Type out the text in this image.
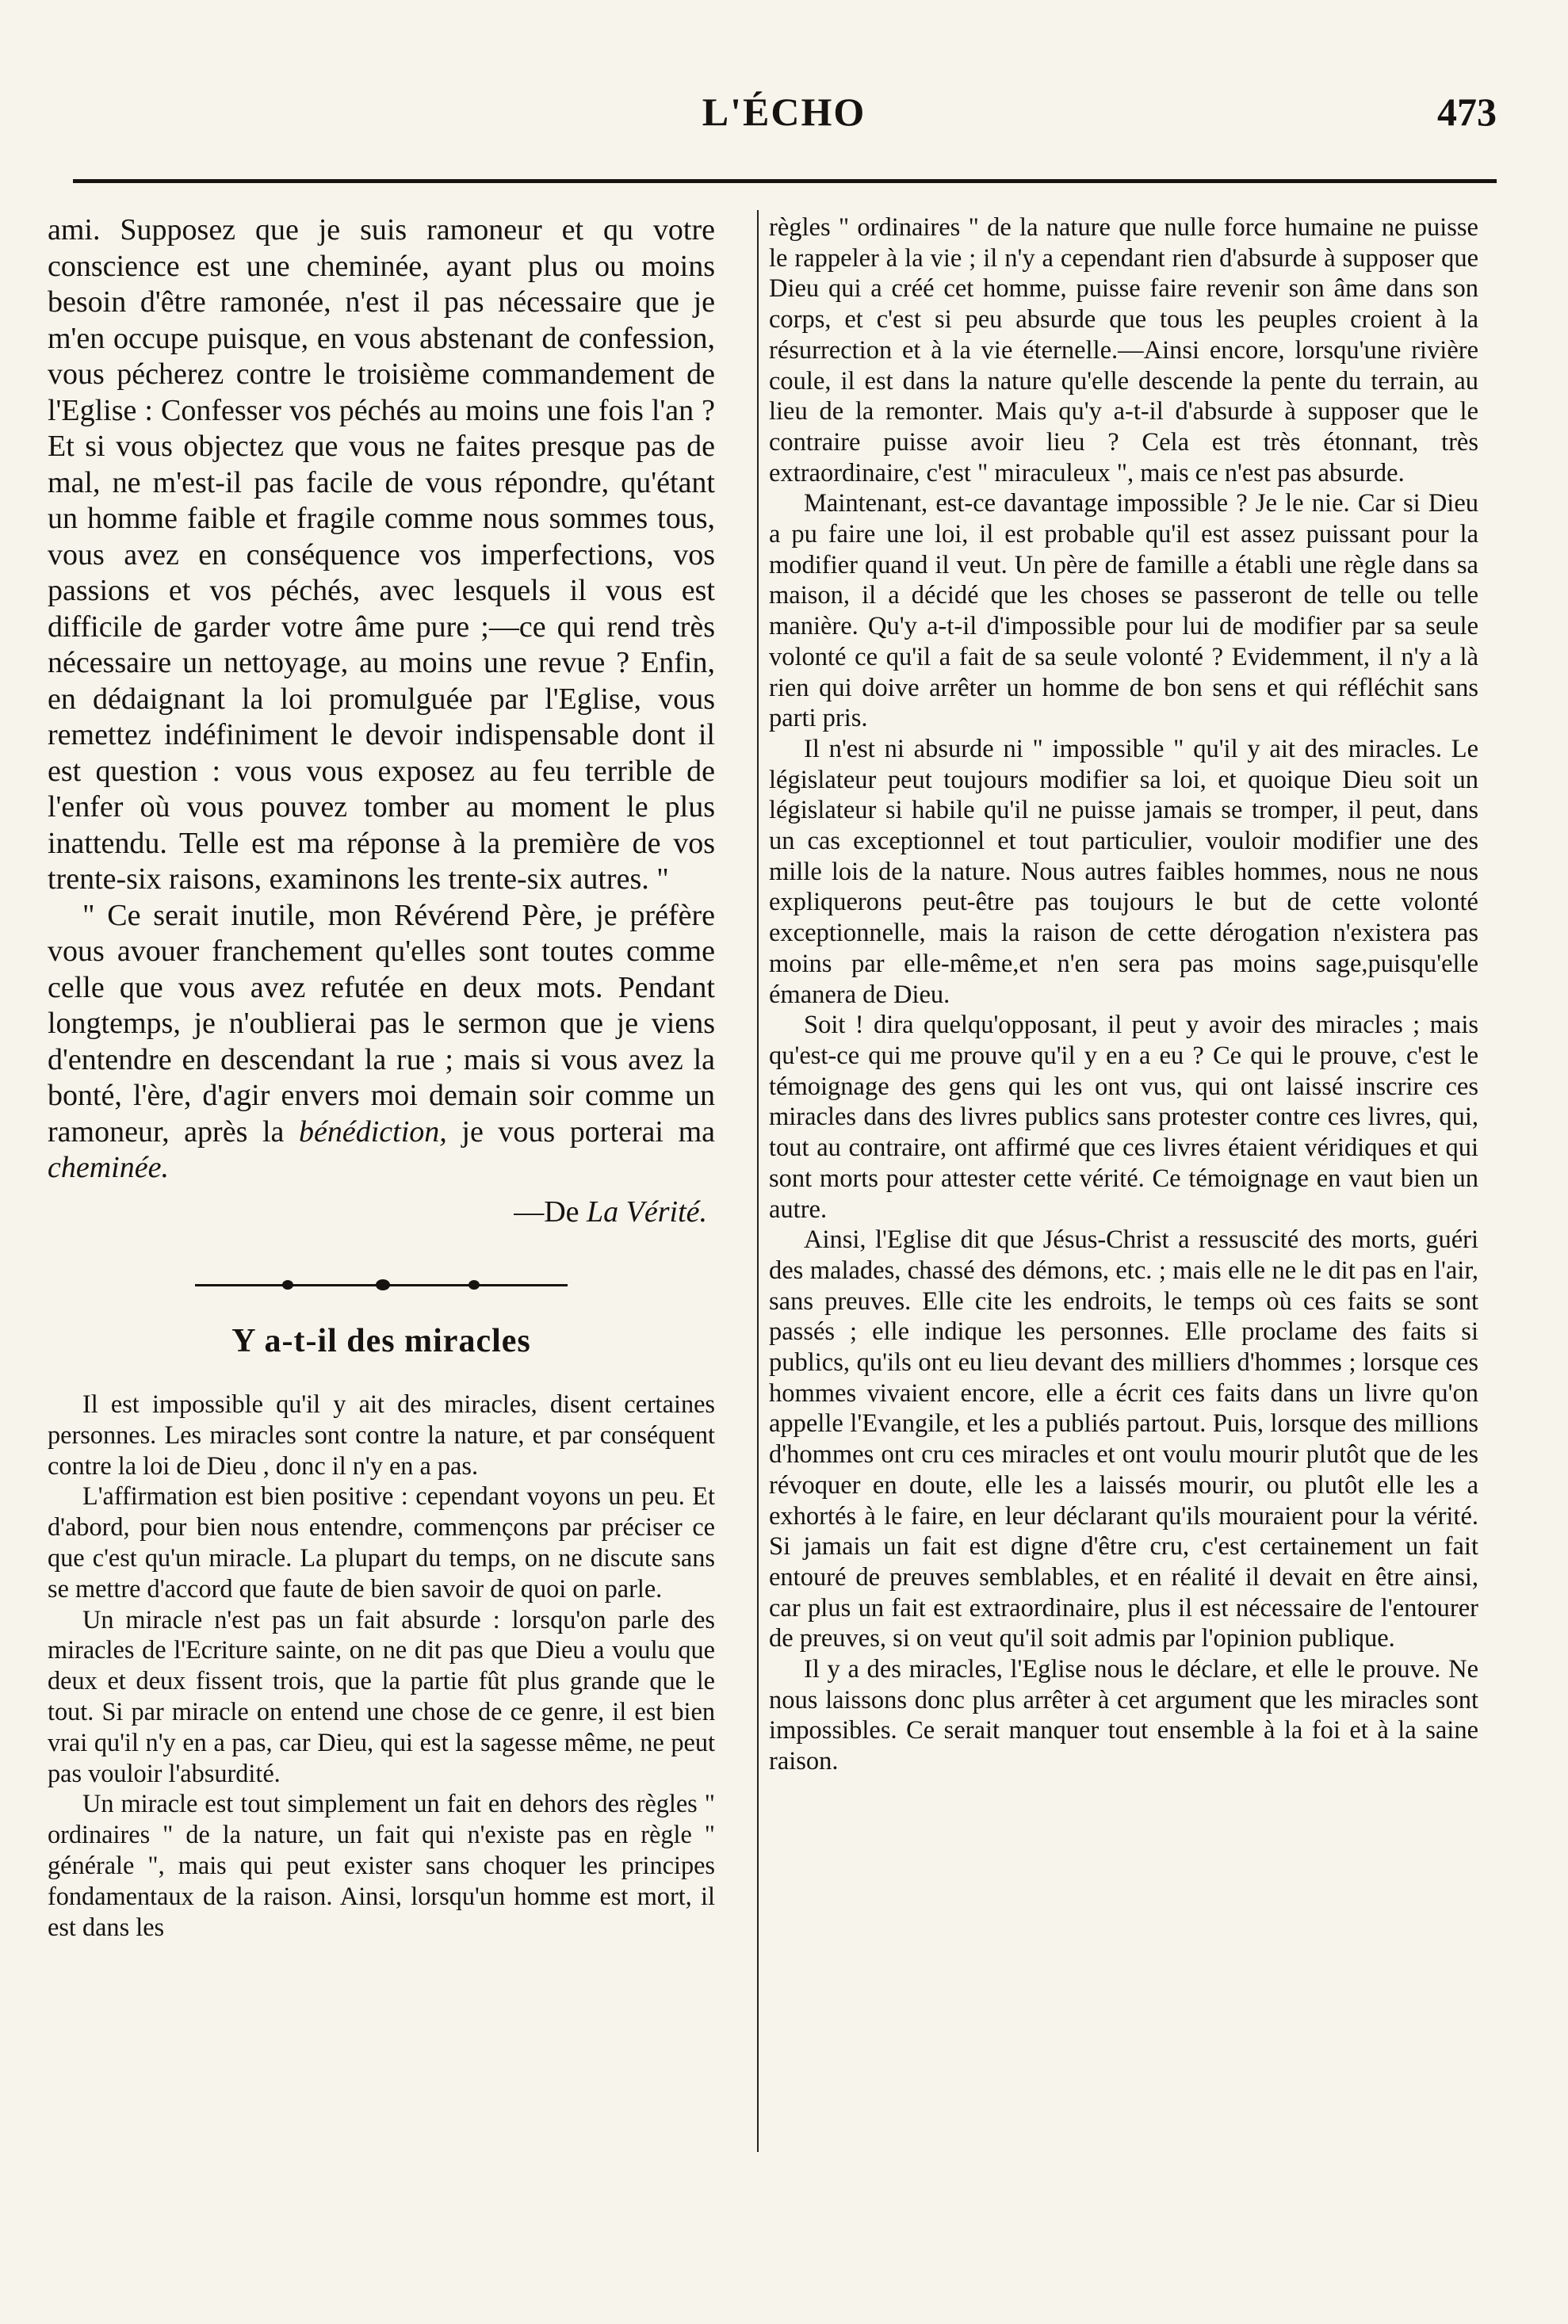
L'ÉCHO	473

ami. Supposez que je suis ramoneur et qu votre conscience est une cheminée, ayant plus ou moins besoin d'être ramonée, n'est il pas nécessaire que je m'en occupe puisque, en vous abstenant de confession, vous pécherez contre le troisième commandement de l'Eglise : Confesser vos péchés au moins une fois l'an ? Et si vous objectez que vous ne faites presque pas de mal, ne m'est-il pas facile de vous répondre, qu'étant un homme faible et fragile comme nous sommes tous, vous avez en conséquence vos imperfections, vos passions et vos péchés, avec lesquels il vous est difficile de garder votre âme pure ;—ce qui rend très nécessaire un nettoyage, au moins une revue ? Enfin, en dédaignant la loi promulguée par l'Eglise, vous remettez indéfiniment le devoir indispensable dont il est question : vous vous exposez au feu terrible de l'enfer où vous pouvez tomber au moment le plus inattendu. Telle est ma réponse à la première de vos trente-six raisons, examinons les trente-six autres. "

" Ce serait inutile, mon Révérend Père, je préfère vous avouer franchement qu'elles sont toutes comme celle que vous avez refutée en deux mots. Pendant longtemps, je n'oublierai pas le sermon que je viens d'entendre en descendant la rue ; mais si vous avez la bonté, l'ère, d'agir envers moi demain soir comme un ramoneur, après la bénédiction, je vous porterai ma cheminée.

—De La Vérité.
Y a-t-il des miracles

Il est impossible qu'il y ait des miracles, disent certaines personnes. Les miracles sont contre la nature, et par conséquent contre la loi de Dieu , donc il n'y en a pas.

L'affirmation est bien positive : cependant voyons un peu. Et d'abord, pour bien nous entendre, commençons par préciser ce que c'est qu'un miracle. La plupart du temps, on ne discute sans se mettre d'accord que faute de bien savoir de quoi on parle.

Un miracle n'est pas un fait absurde : lorsqu'on parle des miracles de l'Ecriture sainte, on ne dit pas que Dieu a voulu que deux et deux fissent trois, que la partie fût plus grande que le tout. Si par miracle on entend une chose de ce genre, il est bien vrai qu'il n'y en a pas, car Dieu, qui est la sagesse même, ne peut pas vouloir l'absurdité.

Un miracle est tout simplement un fait en dehors des règles " ordinaires " de la nature, un fait qui n'existe pas en règle " générale ", mais qui peut exister sans choquer les principes fondamentaux de la raison. Ainsi, lorsqu'un homme est mort, il est dans les

règles " ordinaires " de la nature que nulle force humaine ne puisse le rappeler à la vie ; il n'y a cependant rien d'absurde à supposer que Dieu qui a créé cet homme, puisse faire revenir son âme dans son corps, et c'est si peu absurde que tous les peuples croient à la résurrection et à la vie éternelle.—Ainsi encore, lorsqu'une rivière coule, il est dans la nature qu'elle descende la pente du terrain, au lieu de la remonter. Mais qu'y a-t-il d'absurde à supposer que le contraire puisse avoir lieu ? Cela est très étonnant, très extraordinaire, c'est " miraculeux ", mais ce n'est pas absurde.

Maintenant, est-ce davantage impossible ? Je le nie. Car si Dieu a pu faire une loi, il est probable qu'il est assez puissant pour la modifier quand il veut. Un père de famille a établi une règle dans sa maison, il a décidé que les choses se passeront de telle ou telle manière. Qu'y a-t-il d'impossible pour lui de modifier par sa seule volonté ce qu'il a fait de sa seule volonté ? Evidemment, il n'y a là rien qui doive arrêter un homme de bon sens et qui réfléchit sans parti pris.

Il n'est ni absurde ni " impossible " qu'il y ait des miracles. Le législateur peut toujours modifier sa loi, et quoique Dieu soit un législateur si habile qu'il ne puisse jamais se tromper, il peut, dans un cas exceptionnel et tout particulier, vouloir modifier une des mille lois de la nature. Nous autres faibles hommes, nous ne nous expliquerons peut-être pas toujours le but de cette volonté exceptionnelle, mais la raison de cette dérogation n'existera pas moins par elle-même,et n'en sera pas moins sage,puisqu'elle émanera de Dieu.

Soit ! dira quelqu'opposant, il peut y avoir des miracles ; mais qu'est-ce qui me prouve qu'il y en a eu ? Ce qui le prouve, c'est le témoignage des gens qui les ont vus, qui ont laissé inscrire ces miracles dans des livres publics sans protester contre ces livres, qui, tout au contraire, ont affirmé que ces livres étaient véridiques et qui sont morts pour attester cette vérité. Ce témoignage en vaut bien un autre.

Ainsi, l'Eglise dit que Jésus-Christ a ressuscité des morts, guéri des malades, chassé des démons, etc. ; mais elle ne le dit pas en l'air, sans preuves. Elle cite les endroits, le temps où ces faits se sont passés ; elle indique les personnes. Elle proclame des faits si publics, qu'ils ont eu lieu devant des milliers d'hommes ; lorsque ces hommes vivaient encore, elle a écrit ces faits dans un livre qu'on appelle l'Evangile, et les a publiés partout. Puis, lorsque des millions d'hommes ont cru ces miracles et ont voulu mourir plutôt que de les révoquer en doute, elle les a laissés mourir, ou plutôt elle les a exhortés à le faire, en leur déclarant qu'ils mouraient pour la vérité. Si jamais un fait est digne d'être cru, c'est certainement un fait entouré de preuves semblables, et en réalité il devait en être ainsi, car plus un fait est extraordinaire, plus il est nécessaire de l'entourer de preuves, si on veut qu'il soit admis par l'opinion publique.

Il y a des miracles, l'Eglise nous le déclare, et elle le prouve. Ne nous laissons donc plus arrêter à cet argument que les miracles sont impossibles. Ce serait manquer tout ensemble à la foi et à la saine raison.
